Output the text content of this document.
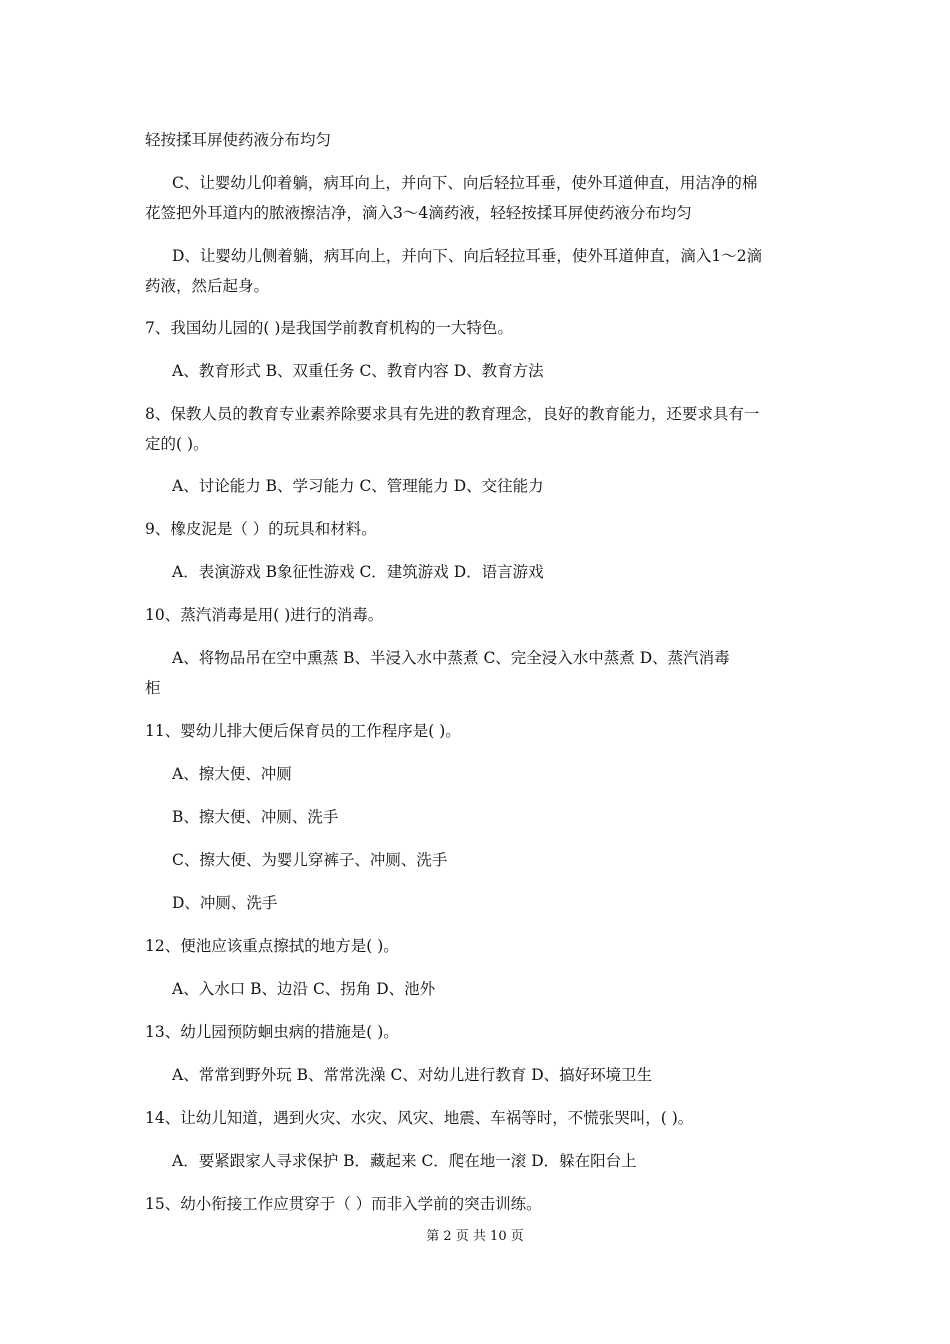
轻按揉耳屏使药液分布均匀
C、让婴幼儿仰着躺，病耳向上，并向下、向后轻拉耳垂，使外耳道伸直，用洁净的棉
花签把外耳道内的脓液擦洁净，滴入3～4滴药液，轻轻按揉耳屏使药液分布均匀
D、让婴幼儿侧着躺，病耳向上，并向下、向后轻拉耳垂，使外耳道伸直，滴入1～2滴
药液，然后起身。
7、我国幼儿园的( )是我国学前教育机构的一大特色。
A、教育形式 B、双重任务 C、教育内容 D、教育方法
8、保教人员的教育专业素养除要求具有先进的教育理念，良好的教育能力，还要求具有一
定的( )。
A、讨论能力 B、学习能力 C、管理能力 D、交往能力
9、橡皮泥是（ ）的玩具和材料。
A．表演游戏 B象征性游戏 C．建筑游戏 D．语言游戏
10、蒸汽消毒是用( )进行的消毒。
A、将物品吊在空中熏蒸 B、半浸入水中蒸煮 C、完全浸入水中蒸煮 D、蒸汽消毒
柜
11、婴幼儿排大便后保育员的工作程序是( )。
A、擦大便、冲厕
B、擦大便、冲厕、洗手
C、擦大便、为婴儿穿裤子、冲厕、洗手
D、冲厕、洗手
12、便池应该重点擦拭的地方是( )。
A、入水口 B、边沿 C、拐角 D、池外
13、幼儿园预防蛔虫病的措施是( )。
A、常常到野外玩 B、常常洗澡 C、对幼儿进行教育 D、搞好环境卫生
14、让幼儿知道，遇到火灾、水灾、风灾、地震、车祸等时，不慌张哭叫，( )。
A．要紧跟家人寻求保护 B．藏起来 C．爬在地一滚 D．躲在阳台上
15、幼小衔接工作应贯穿于（ ）而非入学前的突击训练。
第 2 页 共 10 页
